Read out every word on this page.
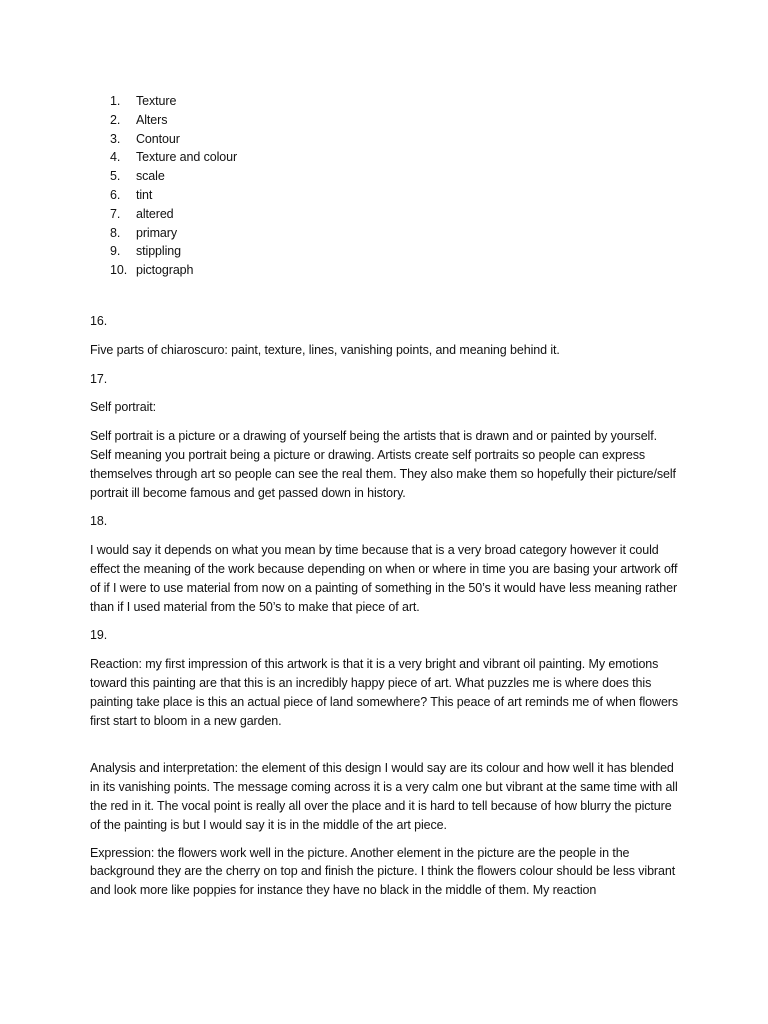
1.	Texture
2.	Alters
3.	Contour
4.	Texture and colour
5.	scale
6.	tint
7.	altered
8.	primary
9.	stippling
10. pictograph

16.

Five parts of chiaroscuro: paint, texture, lines, vanishing points, and meaning behind it.

17.

Self portrait:

Self portrait is a picture or a drawing of yourself being the artists that is drawn and or painted by yourself. Self meaning you portrait being a picture or drawing. Artists create self portraits so people can express themselves through art so people can see the real them. They also make them so hopefully their picture/self portrait ill become famous and get passed down in history.

18.

I would say it depends on what you mean by time because that is a very broad category however it could effect the meaning of the work because depending on when or where in time you are basing your artwork off of if I were to use material from now on a painting of something in the 50’s it would have less meaning rather than if I used material from the 50’s to make that piece of art.

19.

Reaction: my first impression of this artwork is that it is a very bright and vibrant oil painting. My emotions toward this painting are that this is an incredibly happy piece of art. What puzzles me is where does this painting take place is this an actual piece of land somewhere? This peace of art reminds me of when flowers first start to bloom in a new garden.

Analysis and interpretation: the element of this design I would say are its colour and how well it has blended in its vanishing points. The message coming across it is a very calm one but vibrant at the same time with all the red in it. The vocal point is really all over the place and it is hard to tell because of how blurry the picture of the painting is but I would say it is in the middle of the art piece.

Expression: the flowers work well in the picture. Another element in the picture are the people in the background they are the cherry on top and finish the picture. I think the flowers colour should be less vibrant and look more like poppies for instance they have no black in the middle of them. My reaction
